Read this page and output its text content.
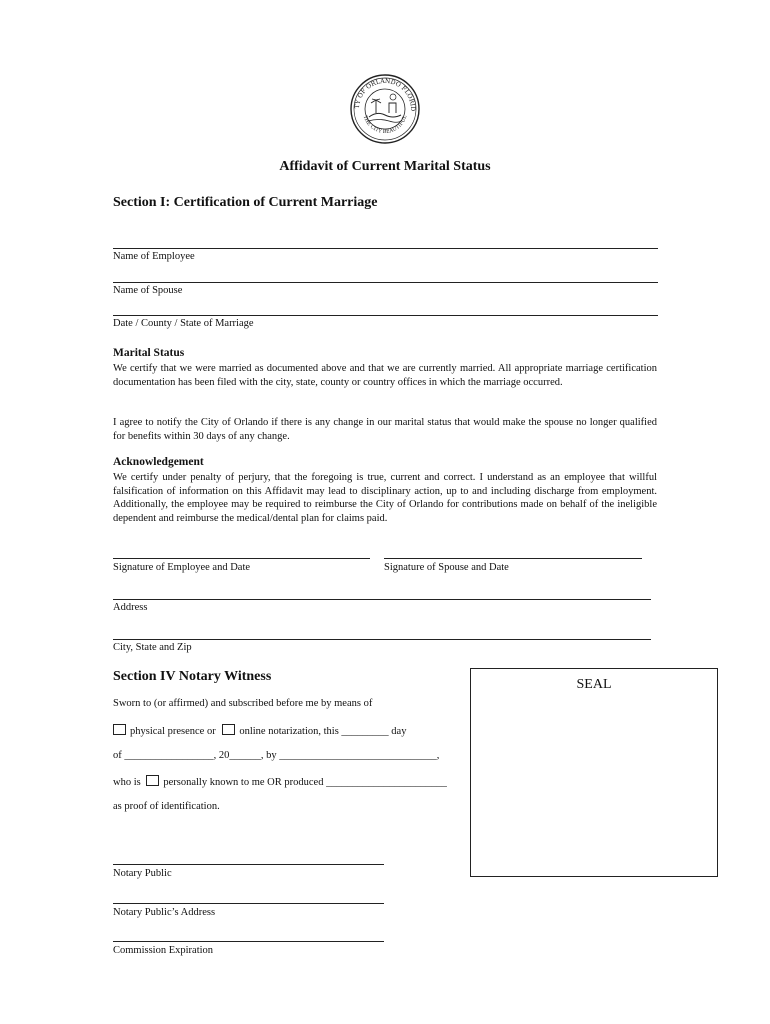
TY OF ORLANDO FLORID
THE CITY BEAUTIFUL
Affidavit of Current Marital Status
Section I: Certification of Current Marriage
Name of Employee
Name of Spouse
Date / County / State of Marriage
Marital Status
We certify that we were married as documented above and that we are currently married. All appropriate marriage certification documentation has been filed with the city, state, county or country offices in which the marriage occurred.
I agree to notify the City of Orlando if there is any change in our marital status that would make the spouse no longer qualified for benefits within 30 days of any change.
Acknowledgement
We certify under penalty of perjury, that the foregoing is true, current and correct. I understand as an employee that willful falsification of information on this Affidavit may lead to disciplinary action, up to and including discharge from employment. Additionally, the employee may be required to reimburse the City of Orlando for contributions made on behalf of the ineligible dependent and reimburse the medical/dental plan for claims paid.
Signature of Employee and Date	Signature of Spouse and Date
Address
City, State and Zip
Section IV Notary Witness
SEAL
Sworn to (or affirmed) and subscribed before me by means of
physical presence or online notarization, this _________ day
of _________________, 20______, by ______________________________,
who is personally known to me OR produced _______________________
as proof of identification.
Notary Public
Notary Public’s Address
Commission Expiration
